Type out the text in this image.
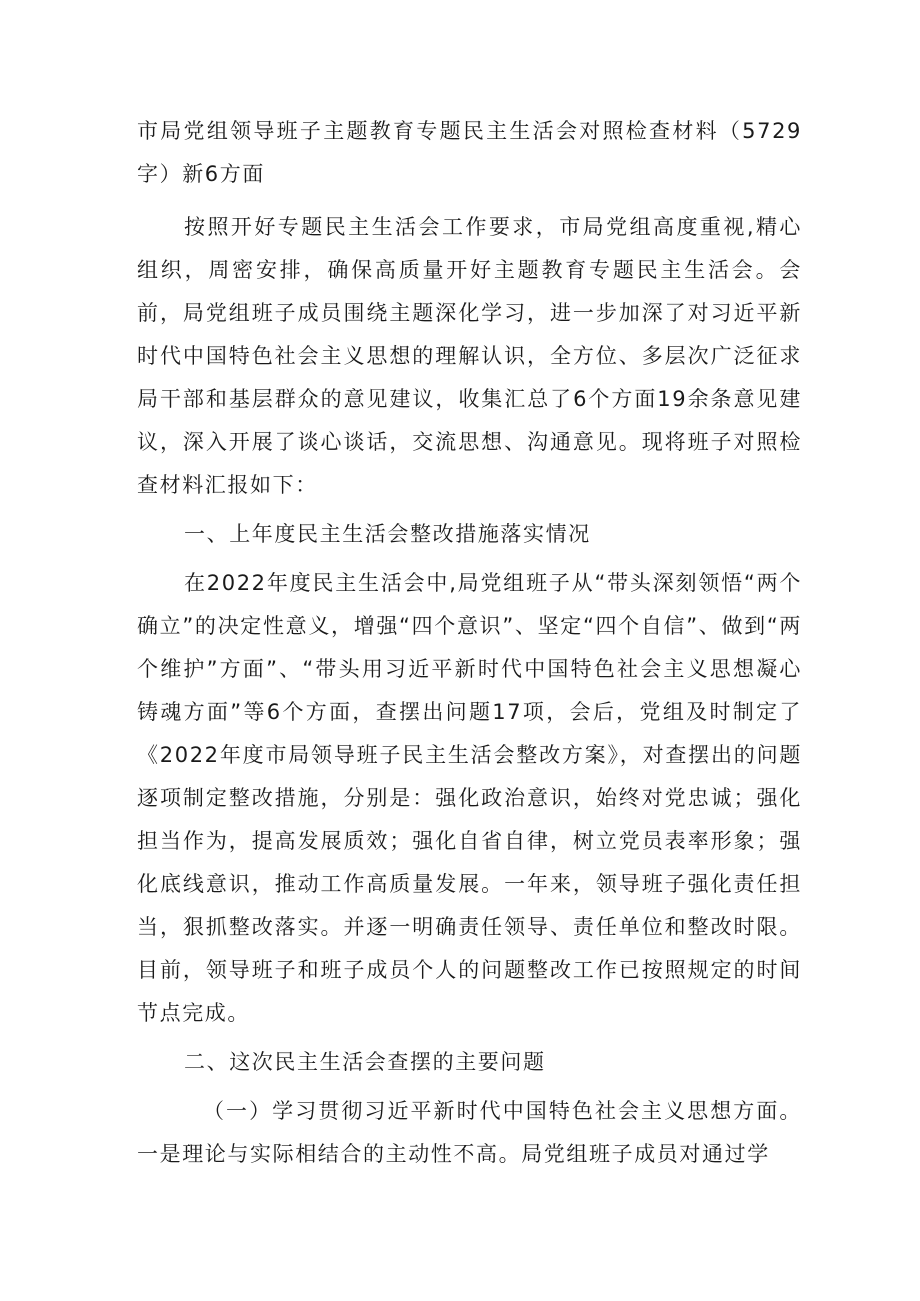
市局党组领导班子主题教育专题民主生活会对照检查材料（5729字）新6方面

按照开好专题民主生活会工作要求，市局党组高度重视,精心组织，周密安排，确保高质量开好主题教育专题民主生活会。会前，局党组班子成员围绕主题深化学习，进一步加深了对习近平新时代中国特色社会主义思想的理解认识，全方位、多层次广泛征求局干部和基层群众的意见建议，收集汇总了6个方面19余条意见建议，深入开展了谈心谈话，交流思想、沟通意见。现将班子对照检查材料汇报如下：

一、上年度民主生活会整改措施落实情况

在2022年度民主生活会中,局党组班子从“带头深刻领悟“两个确立”的决定性意义，增强“四个意识”、坚定“四个自信”、做到“两个维护”方面”、“带头用习近平新时代中国特色社会主义思想凝心铸魂方面”等6个方面，查摆出问题17项，会后，党组及时制定了《2022年度市局领导班子民主生活会整改方案》，对查摆出的问题逐项制定整改措施，分别是：强化政治意识，始终对党忠诚；强化担当作为，提高发展质效；强化自省自律，树立党员表率形象；强化底线意识，推动工作高质量发展。一年来，领导班子强化责任担当，狠抓整改落实。并逐一明确责任领导、责任单位和整改时限。目前，领导班子和班子成员个人的问题整改工作已按照规定的时间节点完成。

二、这次民主生活会查摆的主要问题

（一）学习贯彻习近平新时代中国特色社会主义思想方面。一是理论与实际相结合的主动性不高。局党组班子成员对通过学
